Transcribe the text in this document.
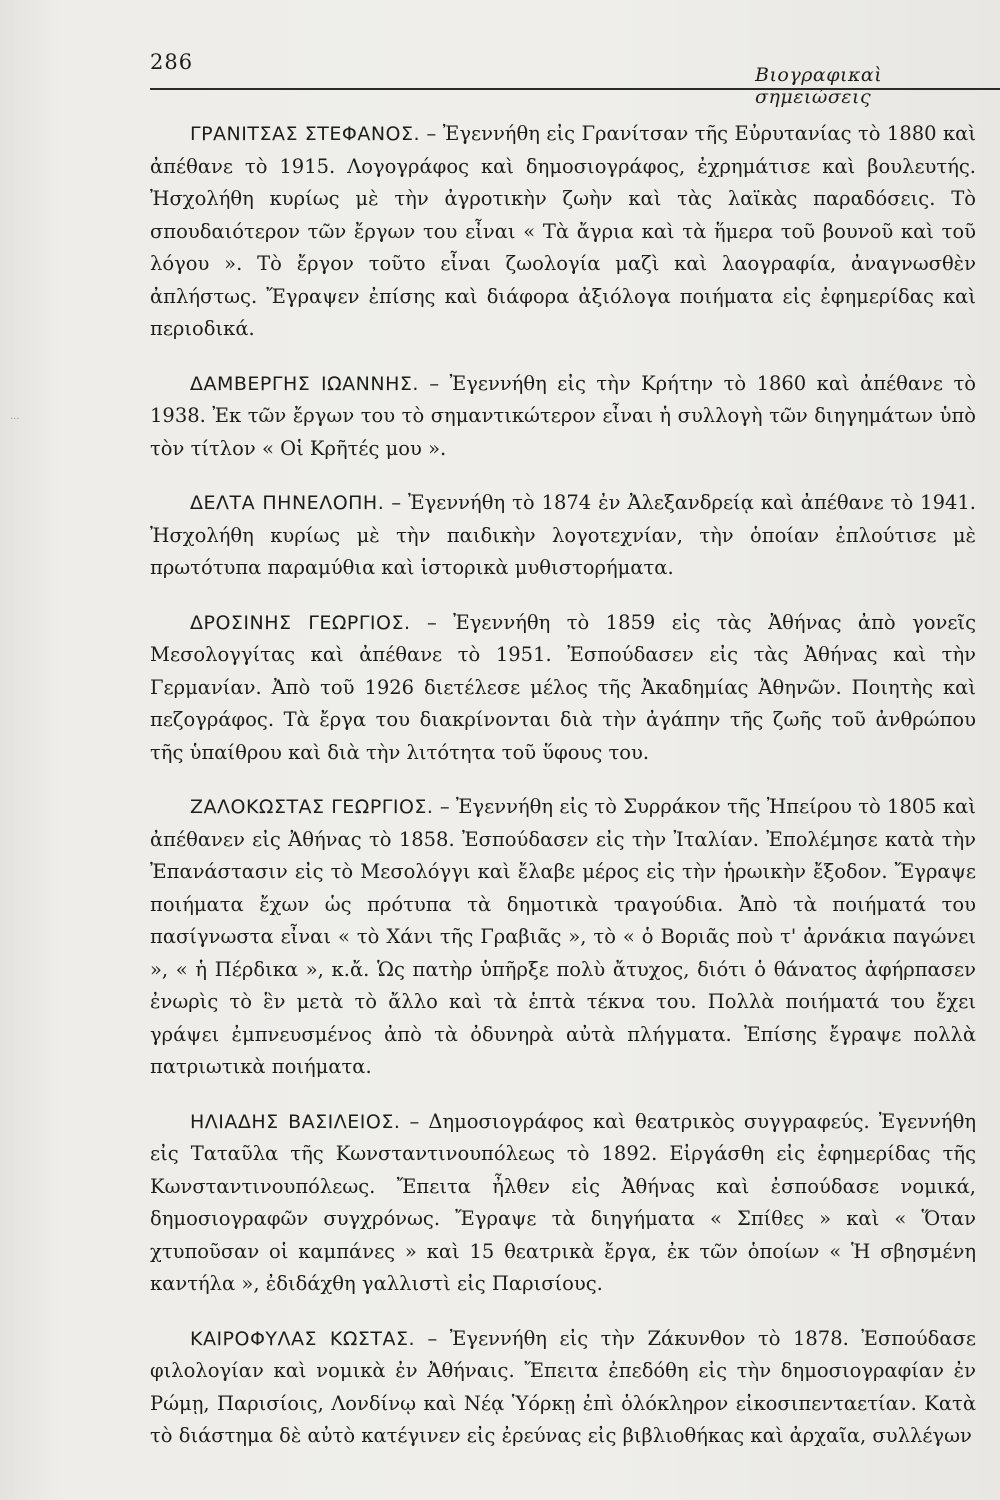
286
Βιογραφικαὶ σημειώσεις

ΓΡΑΝΙΤΣΑΣ ΣΤΕΦΑΝΟΣ. – Ἐγεννήθη εἰς Γρανίτσαν τῆς Εὐρυτανίας τὸ 1880 καὶ ἀπέθανε τὸ 1915. Λογογράφος καὶ δημοσιογράφος, ἐχρημάτισε καὶ βουλευτής. Ἠσχολήθη κυρίως μὲ τὴν ἀγροτικὴν ζωὴν καὶ τὰς λαϊκὰς παραδόσεις. Τὸ σπουδαιότερον τῶν ἔργων του εἶναι « Τὰ ἄγρια καὶ τὰ ἥμερα τοῦ βουνοῦ καὶ τοῦ λόγου ». Τὸ ἔργον τοῦτο εἶναι ζωολογία μαζὶ καὶ λαογραφία, ἀναγνωσθὲν ἀπλήστως. Ἔγραψεν ἐπίσης καὶ διάφορα ἀξιόλογα ποιήματα εἰς ἐφημερίδας καὶ περιοδικά.

ΔΑΜΒΕΡΓΗΣ ΙΩΑΝΝΗΣ. – Ἐγεννήθη εἰς τὴν Κρήτην τὸ 1860 καὶ ἀπέθανε τὸ 1938. Ἐκ τῶν ἔργων του τὸ σημαντικώτερον εἶναι ἡ συλλογὴ τῶν διηγημάτων ὑπὸ τὸν τίτλον « Οἱ Κρῆτές μου ».

ΔΕΛΤΑ ΠΗΝΕΛΟΠΗ. – Ἐγεννήθη τὸ 1874 ἐν Ἀλεξανδρείᾳ καὶ ἀπέθανε τὸ 1941. Ἠσχολήθη κυρίως μὲ τὴν παιδικὴν λογοτεχνίαν, τὴν ὁποίαν ἐπλούτισε μὲ πρωτότυπα παραμύθια καὶ ἱστορικὰ μυθιστορήματα.

ΔΡΟΣΙΝΗΣ ΓΕΩΡΓΙΟΣ. – Ἐγεννήθη τὸ 1859 εἰς τὰς Ἀθήνας ἀπὸ γονεῖς Μεσολογγίτας καὶ ἀπέθανε τὸ 1951. Ἐσπούδασεν εἰς τὰς Ἀθήνας καὶ τὴν Γερμανίαν. Ἀπὸ τοῦ 1926 διετέλεσε μέλος τῆς Ἀκαδημίας Ἀθηνῶν. Ποιητὴς καὶ πεζογράφος. Τὰ ἔργα του διακρίνονται διὰ τὴν ἀγάπην τῆς ζωῆς τοῦ ἀνθρώπου τῆς ὑπαίθρου καὶ διὰ τὴν λιτότητα τοῦ ὕφους του.

ΖΑΛΟΚΩΣΤΑΣ ΓΕΩΡΓΙΟΣ. – Ἐγεννήθη εἰς τὸ Συρράκον τῆς Ἠπείρου τὸ 1805 καὶ ἀπέθανεν εἰς Ἀθήνας τὸ 1858. Ἐσπούδασεν εἰς τὴν Ἰταλίαν. Ἐπολέμησε κατὰ τὴν Ἐπανάστασιν εἰς τὸ Μεσολόγγι καὶ ἔλαβε μέρος εἰς τὴν ἡρωικὴν ἔξοδον. Ἔγραψε ποιήματα ἔχων ὡς πρότυπα τὰ δημοτικὰ τραγούδια. Ἀπὸ τὰ ποιήματά του πασίγνωστα εἶναι « τὸ Χάνι τῆς Γραβιᾶς », τὸ « ὁ Βοριᾶς ποὺ τ' ἀρνάκια παγώνει », « ἡ Πέρδικα », κ.ἄ. Ὡς πατὴρ ὑπῆρξε πολὺ ἄτυχος, διότι ὁ θάνατος ἀφήρπασεν ἐνωρὶς τὸ ἓν μετὰ τὸ ἄλλο καὶ τὰ ἑπτὰ τέκνα του. Πολλὰ ποιήματά του ἔχει γράψει ἐμπνευσμένος ἀπὸ τὰ ὀδυνηρὰ αὐτὰ πλήγματα. Ἐπίσης ἔγραψε πολλὰ πατριωτικὰ ποιήματα.

ΗΛΙΑΔΗΣ ΒΑΣΙΛΕΙΟΣ. – Δημοσιογράφος καὶ θεατρικὸς συγγραφεύς. Ἐγεννήθη εἰς Ταταῦλα τῆς Κωνσταντινουπόλεως τὸ 1892. Εἰργάσθη εἰς ἐφημερίδας τῆς Κωνσταντινουπόλεως. Ἔπειτα ἦλθεν εἰς Ἀθήνας καὶ ἐσπούδασε νομικά, δημοσιογραφῶν συγχρόνως. Ἔγραψε τὰ διηγήματα « Σπίθες » καὶ « Ὅταν χτυποῦσαν οἱ καμπάνες » καὶ 15 θεατρικὰ ἔργα, ἐκ τῶν ὁποίων « Ἡ σβησμένη καντήλα », ἐδιδάχθη γαλλιστὶ εἰς Παρισίους.

ΚΑΙΡΟΦΥΛΑΣ ΚΩΣΤΑΣ. – Ἐγεννήθη εἰς τὴν Ζάκυνθον τὸ 1878. Ἐσπούδασε φιλολογίαν καὶ νομικὰ ἐν Ἀθήναις. Ἔπειτα ἐπεδόθη εἰς τὴν δημοσιογραφίαν ἐν Ρώμῃ, Παρισίοις, Λονδίνῳ καὶ Νέᾳ Ὑόρκῃ ἐπὶ ὁλόκληρον εἰκοσιπενταετίαν. Κατὰ τὸ διάστημα δὲ αὐτὸ κατέγινεν εἰς ἐρεύνας εἰς βιβλιοθήκας καὶ ἀρχαῖα, συλλέγων

···
